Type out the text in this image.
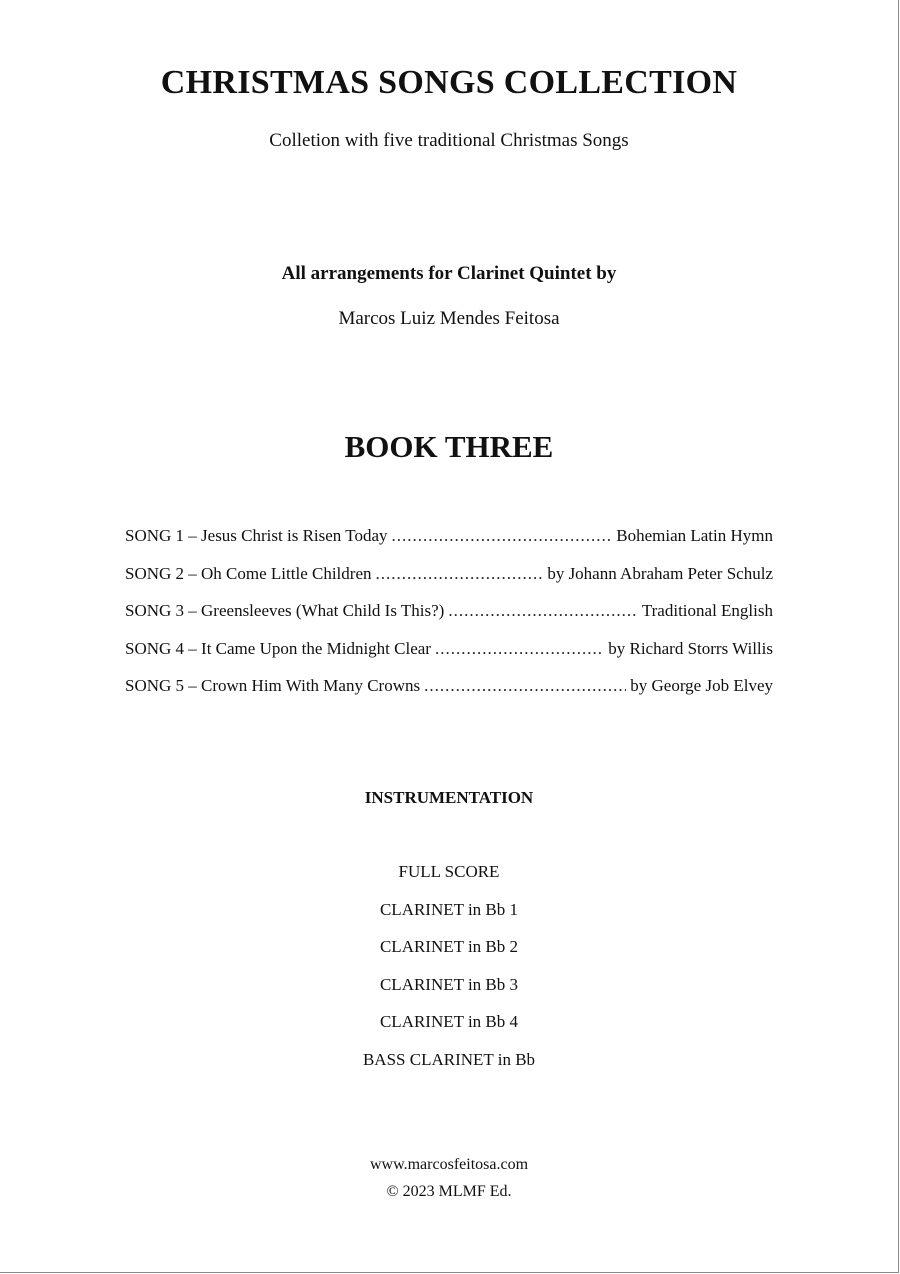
CHRISTMAS SONGS COLLECTION
Colletion with five traditional Christmas Songs
All arrangements for Clarinet Quintet by
Marcos Luiz Mendes Feitosa
BOOK THREE
SONG 1 – Jesus Christ is Risen Today .....	Bohemian Latin Hymn
SONG 2 – Oh Come Little Children .....	by Johann Abraham Peter Schulz
SONG 3 – Greensleeves (What Child Is This?) .....	Traditional English
SONG 4 – It Came Upon the Midnight Clear .....	by Richard Storrs Willis
SONG 5 – Crown Him With Many Crowns .....	by George Job Elvey
INSTRUMENTATION
FULL SCORE
CLARINET in Bb 1
CLARINET in Bb 2
CLARINET in Bb 3
CLARINET in Bb 4
BASS CLARINET in Bb
www.marcosfeitosa.com
© 2023 MLMF Ed.
